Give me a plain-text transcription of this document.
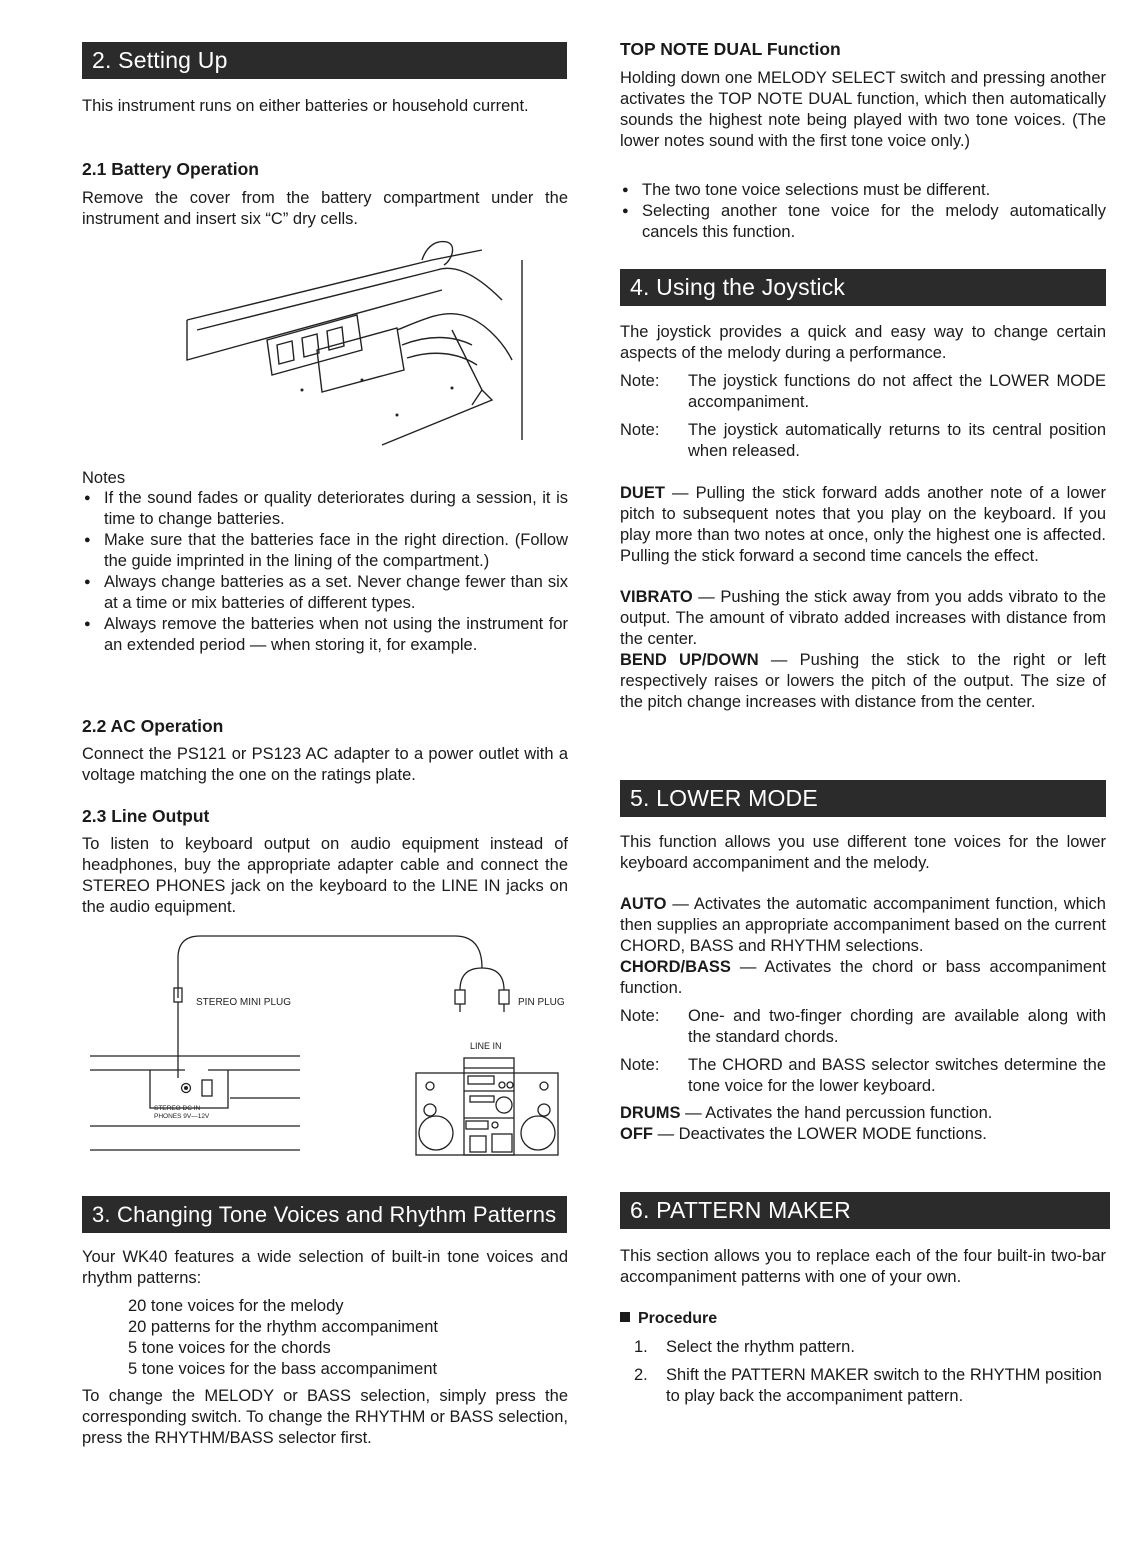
2. Setting Up
This instrument runs on either batteries or household current.
2.1 Battery Operation
Remove the cover from the battery compartment under the instrument and insert six “C” dry cells.
Notes
● If the sound fades or quality deteriorates during a session, it is time to change batteries.
● Make sure that the batteries face in the right direction. (Follow the guide imprinted in the lining of the compartment.)
● Always change batteries as a set. Never change fewer than six at a time or mix batteries of different types.
● Always remove the batteries when not using the instrument for an extended period — when storing it, for example.
2.2 AC Operation
Connect the PS121 or PS123 AC adapter to a power outlet with a voltage matching the one on the ratings plate.
2.3 Line Output
To listen to keyboard output on audio equipment instead of headphones, buy the appropriate adapter cable and connect the STEREO PHONES jack on the keyboard to the LINE IN jacks on the audio equipment.
STEREO MINI PLUG	PIN PLUG
LINE IN
STEREO DC IN
PHONES 9V—12V
3. Changing Tone Voices and Rhythm Patterns
Your WK40 features a wide selection of built-in tone voices and rhythm patterns:
20 tone voices for the melody
20 patterns for the rhythm accompaniment
5 tone voices for the chords
5 tone voices for the bass accompaniment
To change the MELODY or BASS selection, simply press the corresponding switch. To change the RHYTHM or BASS selection, press the RHYTHM/BASS selector first.
TOP NOTE DUAL Function
Holding down one MELODY SELECT switch and pressing another activates the TOP NOTE DUAL function, which then automatically sounds the highest note being played with two tone voices. (The lower notes sound with the first tone voice only.)
● The two tone voice selections must be different.
● Selecting another tone voice for the melody automatically cancels this function.
4. Using the Joystick
The joystick provides a quick and easy way to change certain aspects of the melody during a performance.
Note:	The joystick functions do not affect the LOWER MODE accompaniment.
Note:	The joystick automatically returns to its central position when released.
DUET — Pulling the stick forward adds another note of a lower pitch to subsequent notes that you play on the keyboard. If you play more than two notes at once, only the highest one is affected. Pulling the stick forward a second time cancels the effect.
VIBRATO — Pushing the stick away from you adds vibrato to the output. The amount of vibrato added increases with distance from the center.
BEND UP/DOWN — Pushing the stick to the right or left respectively raises or lowers the pitch of the output. The size of the pitch change increases with distance from the center.
5. LOWER MODE
This function allows you use different tone voices for the lower keyboard accompaniment and the melody.
AUTO — Activates the automatic accompaniment function, which then supplies an appropriate accompaniment based on the current CHORD, BASS and RHYTHM selections.
CHORD/BASS — Activates the chord or bass accompaniment function.
Note:	One- and two-finger chording are available along with the standard chords.
Note:	The CHORD and BASS selector switches determine the tone voice for the lower keyboard.
DRUMS — Activates the hand percussion function.
OFF — Deactivates the LOWER MODE functions.
6. PATTERN MAKER
This section allows you to replace each of the four built-in two-bar accompaniment patterns with one of your own.
Procedure
1. Select the rhythm pattern.
2. Shift the PATTERN MAKER switch to the RHYTHM position to play back the accompaniment pattern.
